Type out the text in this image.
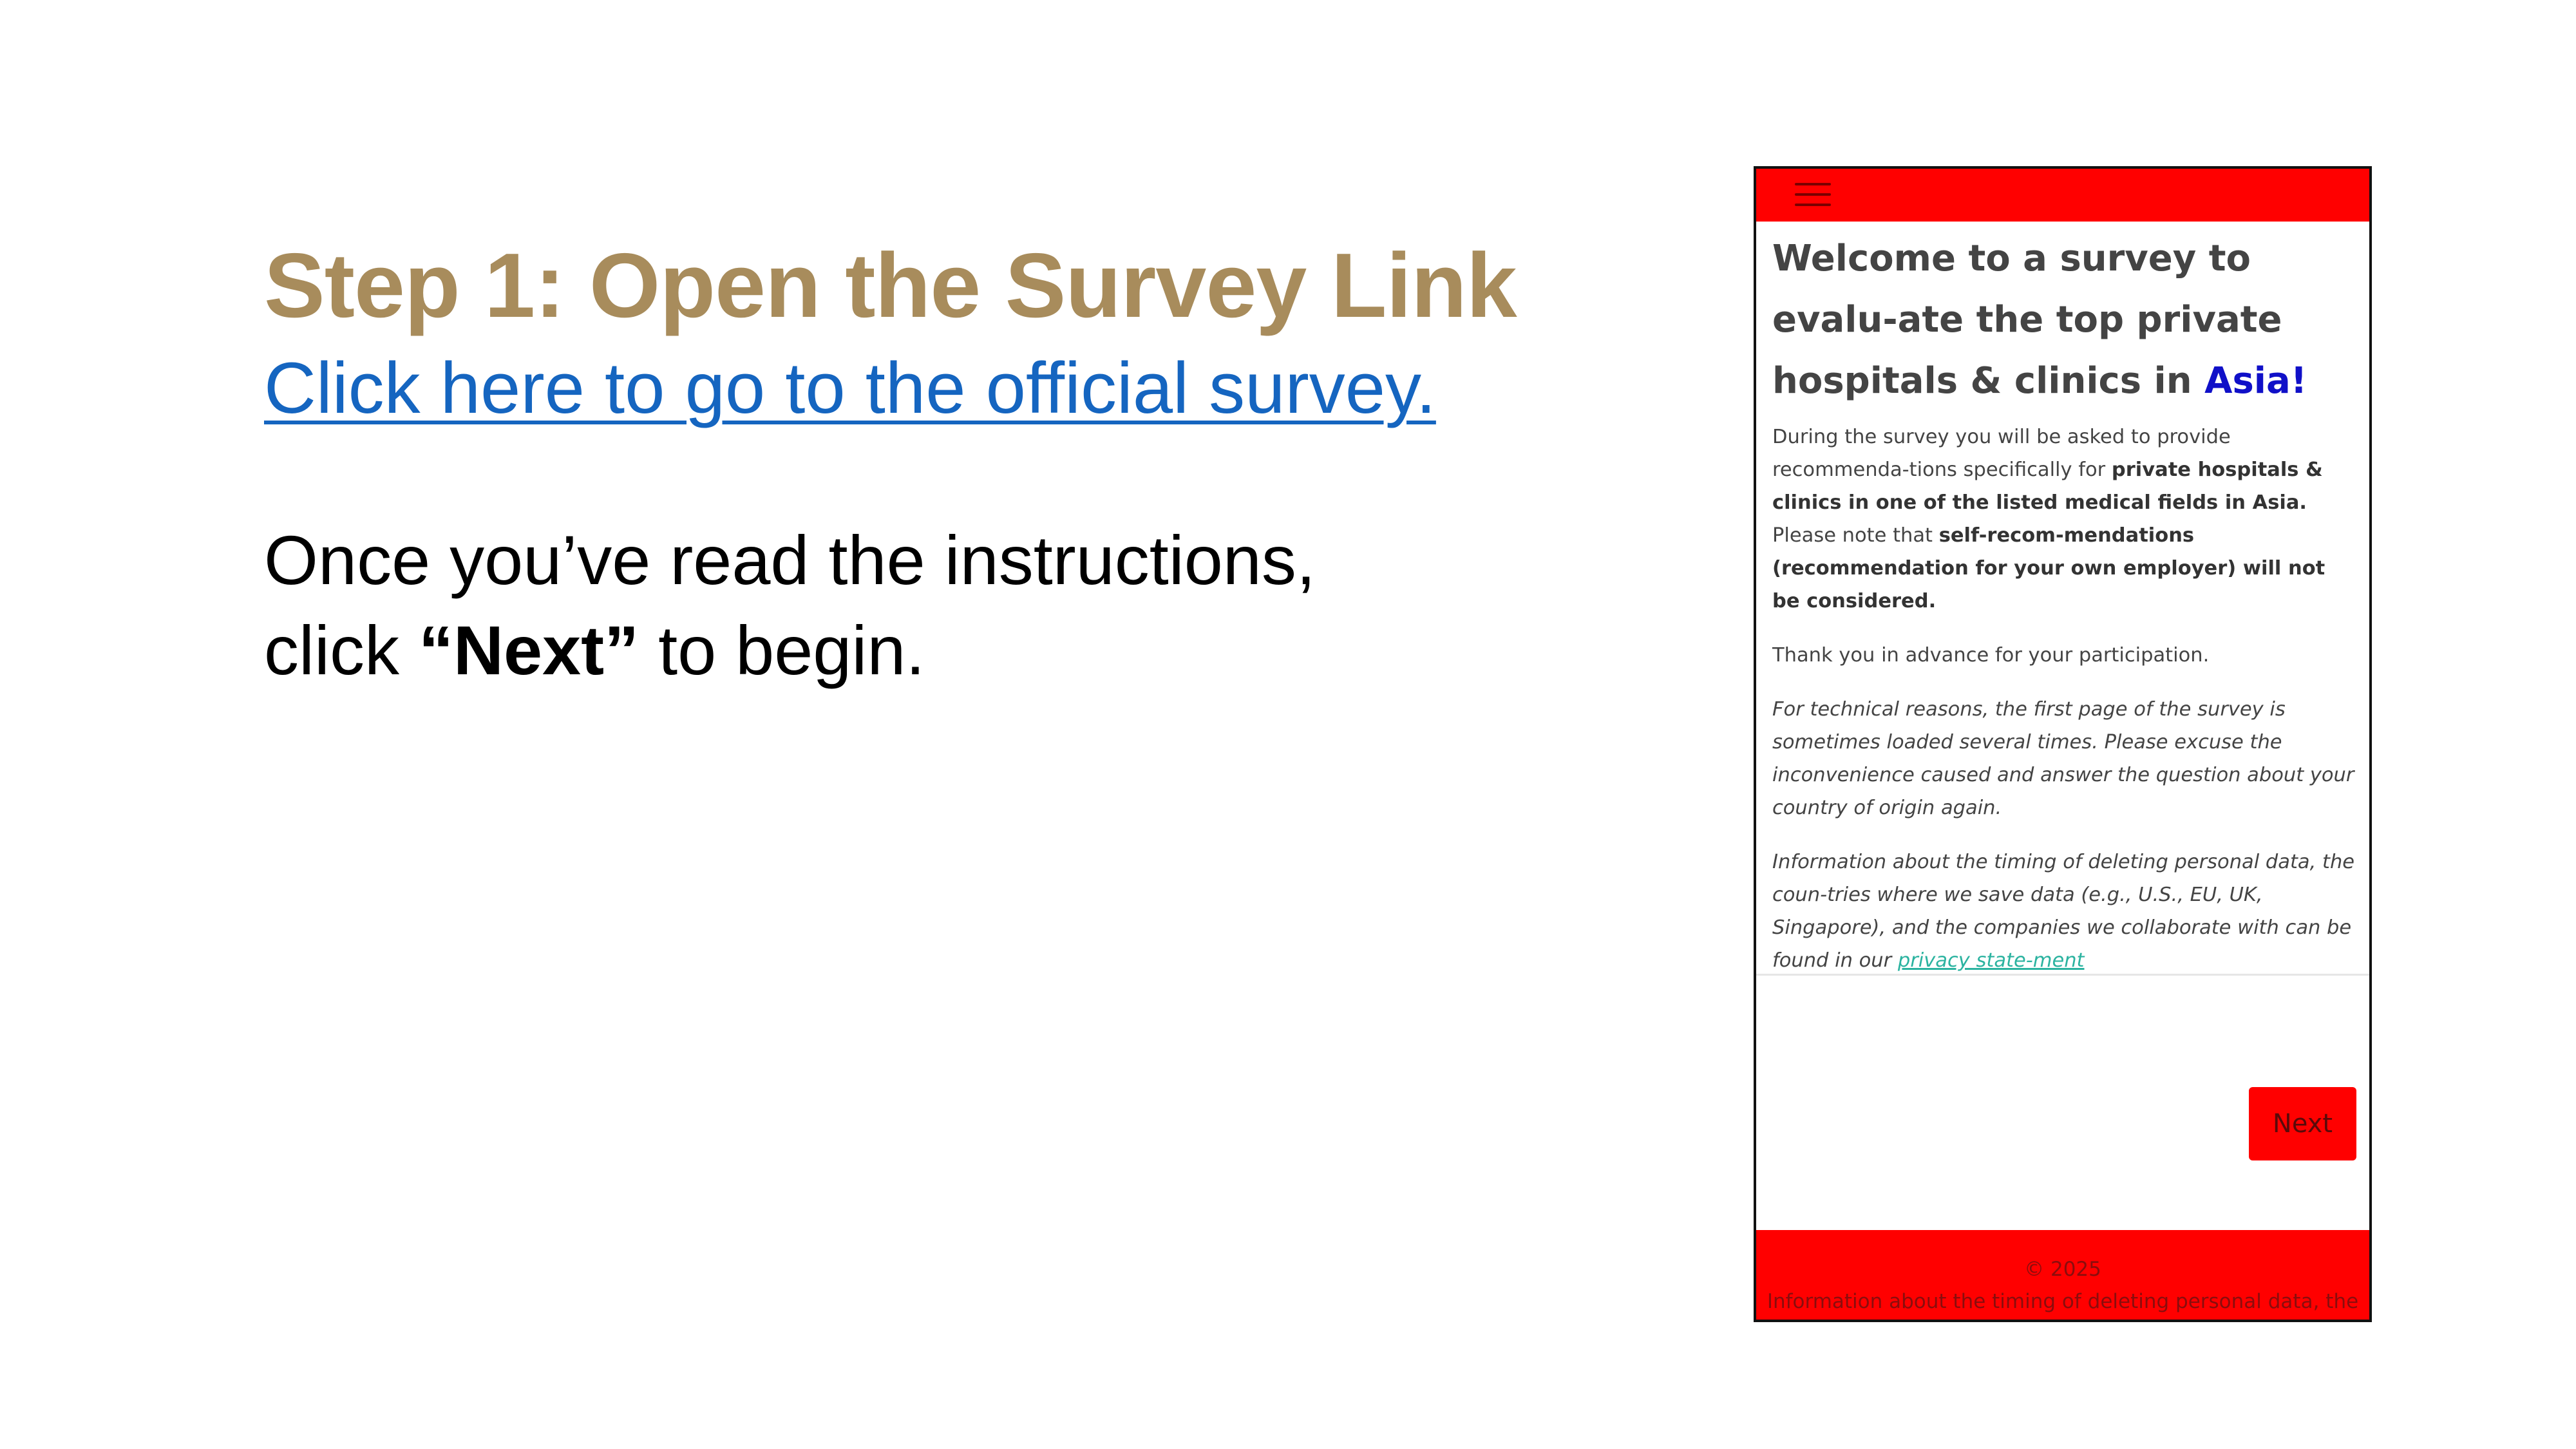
Step 1: Open the Survey Link
Click here to go to the official survey.

Once you’ve read the instructions,
click “Next” to begin.

Welcome to a survey to evalu-ate the top private hospitals & clinics in Asia!

During the survey you will be asked to provide recommenda-tions specifically for private hospitals & clinics in one of the listed medical fields in Asia. Please note that self-recom-mendations (recommendation for your own employer) will not be considered.

Thank you in advance for your participation.

For technical reasons, the first page of the survey is sometimes loaded several times. Please excuse the inconvenience caused and answer the question about your country of origin again.

Information about the timing of deleting personal data, the coun-tries where we save data (e.g., U.S., EU, UK, Singapore), and the companies we collaborate with can be found in our privacy state-ment

Next
© 2025
Information about the timing of deleting personal data, the
